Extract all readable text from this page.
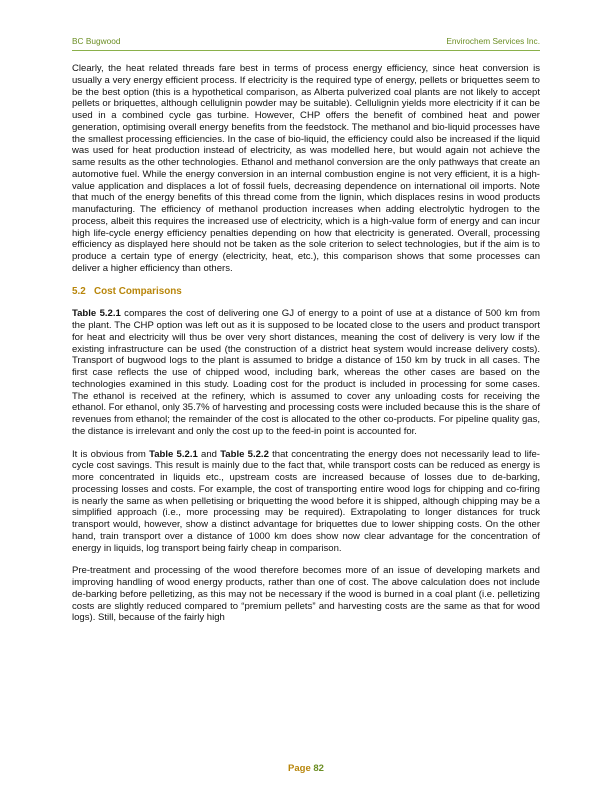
BC Bugwood	Envirochem Services Inc.

Clearly, the heat related threads fare best in terms of process energy efficiency, since heat conversion is usually a very energy efficient process. If electricity is the required type of energy, pellets or briquettes seem to be the best option (this is a hypothetical comparison, as Alberta pulverized coal plants are not likely to accept pellets or briquettes, although cellulignin powder may be suitable). Cellulignin yields more electricity if it can be used in a combined cycle gas turbine. However, CHP offers the benefit of combined heat and power generation, optimising overall energy benefits from the feedstock. The methanol and bio-liquid processes have the smallest processing efficiencies. In the case of bio-liquid, the efficiency could also be increased if the liquid was used for heat production instead of electricity, as was modelled here, but would again not achieve the same results as the other technologies. Ethanol and methanol conversion are the only pathways that create an automotive fuel. While the energy conversion in an internal combustion engine is not very efficient, it is a high-value application and displaces a lot of fossil fuels, decreasing dependence on international oil imports. Note that much of the energy benefits of this thread come from the lignin, which displaces resins in wood products manufacturing. The efficiency of methanol production increases when adding electrolytic hydrogen to the process, albeit this requires the increased use of electricity, which is a high-value form of energy and can incur high life-cycle energy efficiency penalties depending on how that electricity is generated. Overall, processing efficiency as displayed here should not be taken as the sole criterion to select technologies, but if the aim is to produce a certain type of energy (electricity, heat, etc.), this comparison shows that some processes can deliver a higher efficiency than others.

5.2 Cost Comparisons

Table 5.2.1 compares the cost of delivering one GJ of energy to a point of use at a distance of 500 km from the plant. The CHP option was left out as it is supposed to be located close to the users and product transport for heat and electricity will thus be over very short distances, meaning the cost of delivery is very low if the existing infrastructure can be used (the construction of a district heat system would increase delivery costs). Transport of bugwood logs to the plant is assumed to bridge a distance of 150 km by truck in all cases. The first case reflects the use of chipped wood, including bark, whereas the other cases are based on the technologies examined in this study. Loading cost for the product is included in processing for some cases. The ethanol is received at the refinery, which is assumed to cover any unloading costs for receiving the ethanol. For ethanol, only 35.7% of harvesting and processing costs were included because this is the share of revenues from ethanol; the remainder of the cost is allocated to the other co-products. For pipeline quality gas, the distance is irrelevant and only the cost up to the feed-in point is accounted for.

It is obvious from Table 5.2.1 and Table 5.2.2 that concentrating the energy does not necessarily lead to life-cycle cost savings. This result is mainly due to the fact that, while transport costs can be reduced as energy is more concentrated in liquids etc., upstream costs are increased because of losses due to de-barking, processing losses and costs. For example, the cost of transporting entire wood logs for chipping and co-firing is nearly the same as when pelletising or briquetting the wood before it is shipped, although chipping may be a simplified approach (i.e., more processing may be required). Extrapolating to longer distances for truck transport would, however, show a distinct advantage for briquettes due to lower shipping costs. On the other hand, train transport over a distance of 1000 km does show now clear advantage for the concentration of energy in liquids, log transport being fairly cheap in comparison.

Pre-treatment and processing of the wood therefore becomes more of an issue of developing markets and improving handling of wood energy products, rather than one of cost. The above calculation does not include de-barking before pelletizing, as this may not be necessary if the wood is burned in a coal plant (i.e. pelletizing costs are slightly reduced compared to “premium pellets” and harvesting costs are the same as that for wood logs). Still, because of the fairly high

Page 82
